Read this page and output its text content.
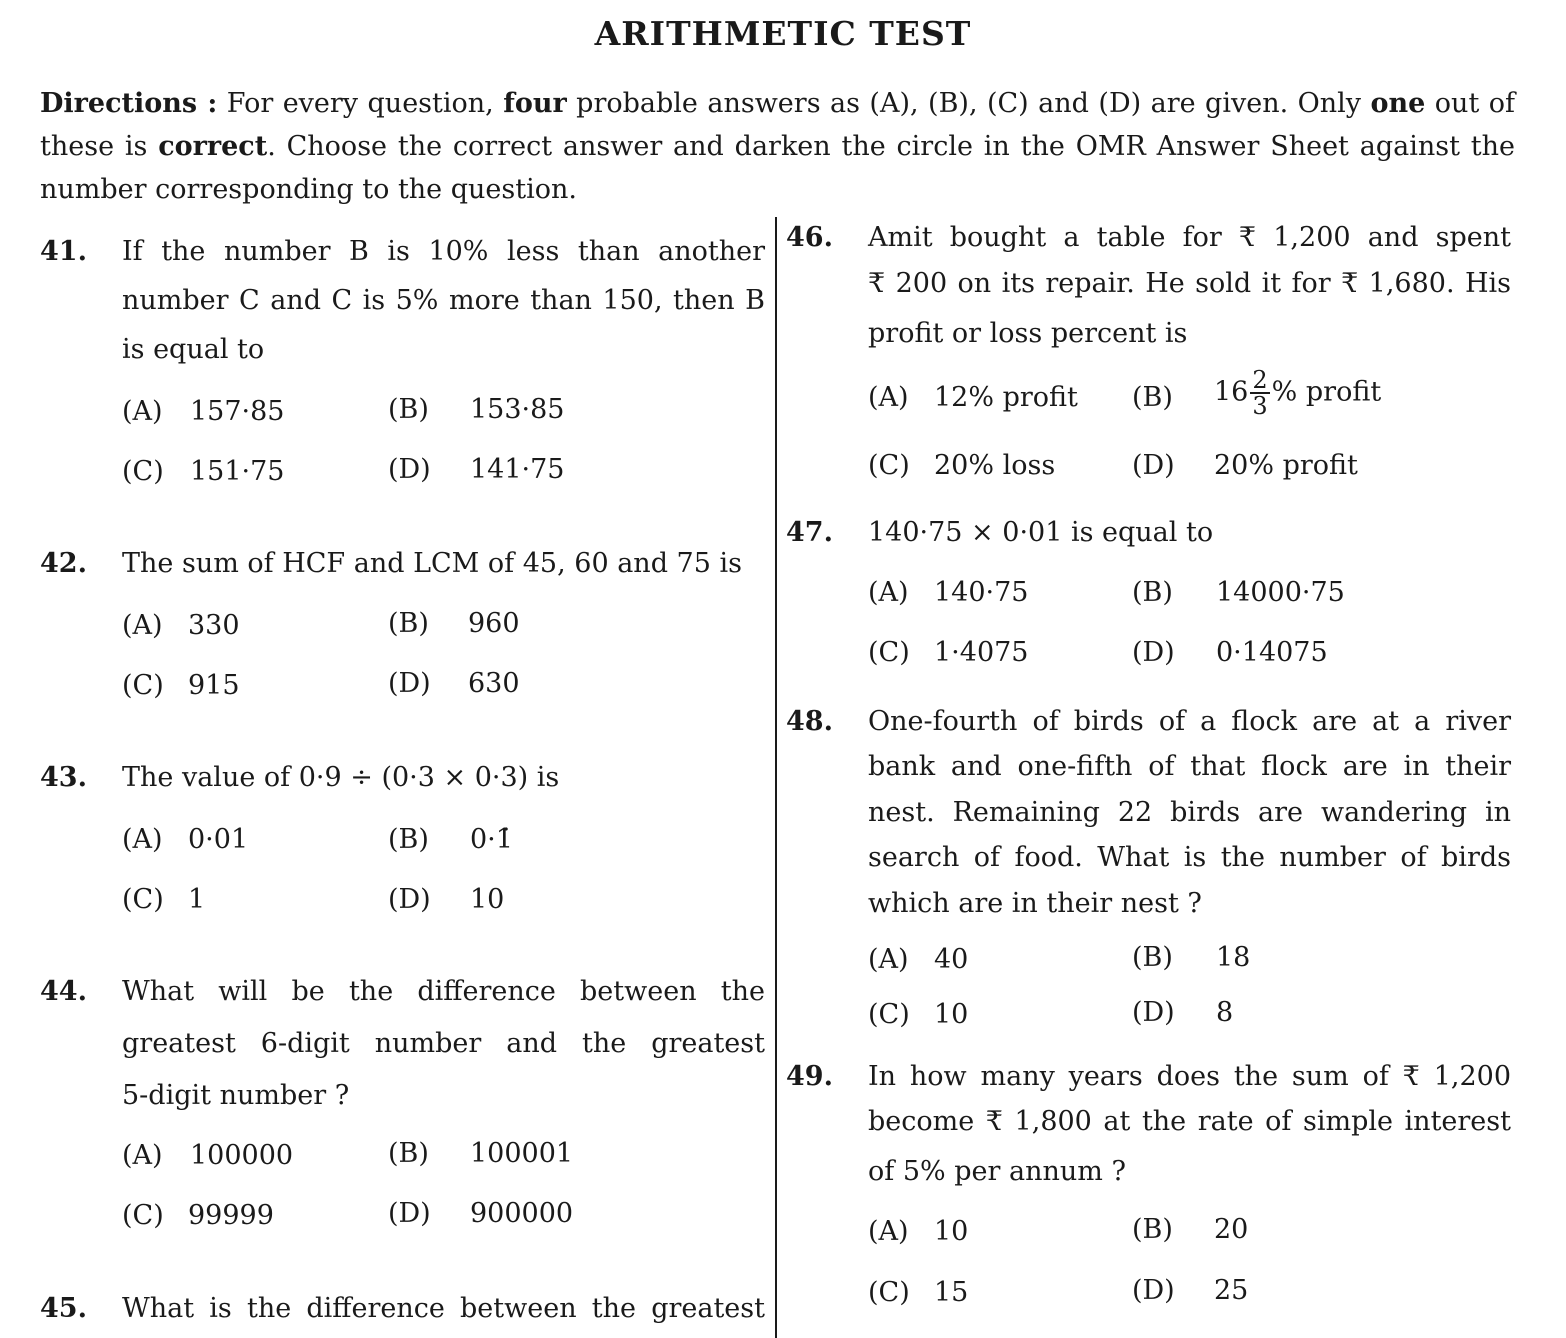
ARITHMETIC TEST
Directions : For every question, four probable answers as (A), (B), (C) and (D) are given. Only one out of these is correct. Choose the correct answer and darken the circle in the OMR Answer Sheet against the number corresponding to the question.
41. If the number B is 10% less than another
number C and C is 5% more than 150, then B
is equal to
(A) 157·85	(B) 153·85
(C) 151·75	(D) 141·75
42. The sum of HCF and LCM of 45, 60 and 75 is
(A) 330	(B) 960
(C) 915	(D) 630
43. The value of 0·9 ÷ (0·3 × 0·3) is
(A) 0·01	(B) 0·1̇
(C) 1	(D) 10
44. What will be the difference between the
greatest 6-digit number and the greatest
5-digit number ?
(A) 100000	(B) 100001
(C) 99999	(D) 900000
45. What is the difference between the greatest
46. Amit bought a table for ₹ 1,200 and spent
₹ 200 on its repair. He sold it for ₹ 1,680. His
profit or loss percent is
(A) 12% profit (B) $16 \frac{2}{3}$ % profit
(C) 20% loss	(D) 20% profit
47. 140·75 × 0·01 is equal to
(A) 140·75	(B) 14000·75
(C) 1·4075	(D) 0·14075
48. One-fourth of birds of a flock are at a river
bank and one-fifth of that flock are in their
nest. Remaining 22 birds are wandering in
search of food. What is the number of birds
which are in their nest ?
(A) 40	(B) 18
(C) 10	(D) 8
49. In how many years does the sum of ₹ 1,200
become ₹ 1,800 at the rate of simple interest
of 5% per annum ?
(A) 10	(B) 20
(C) 15	(D) 25
